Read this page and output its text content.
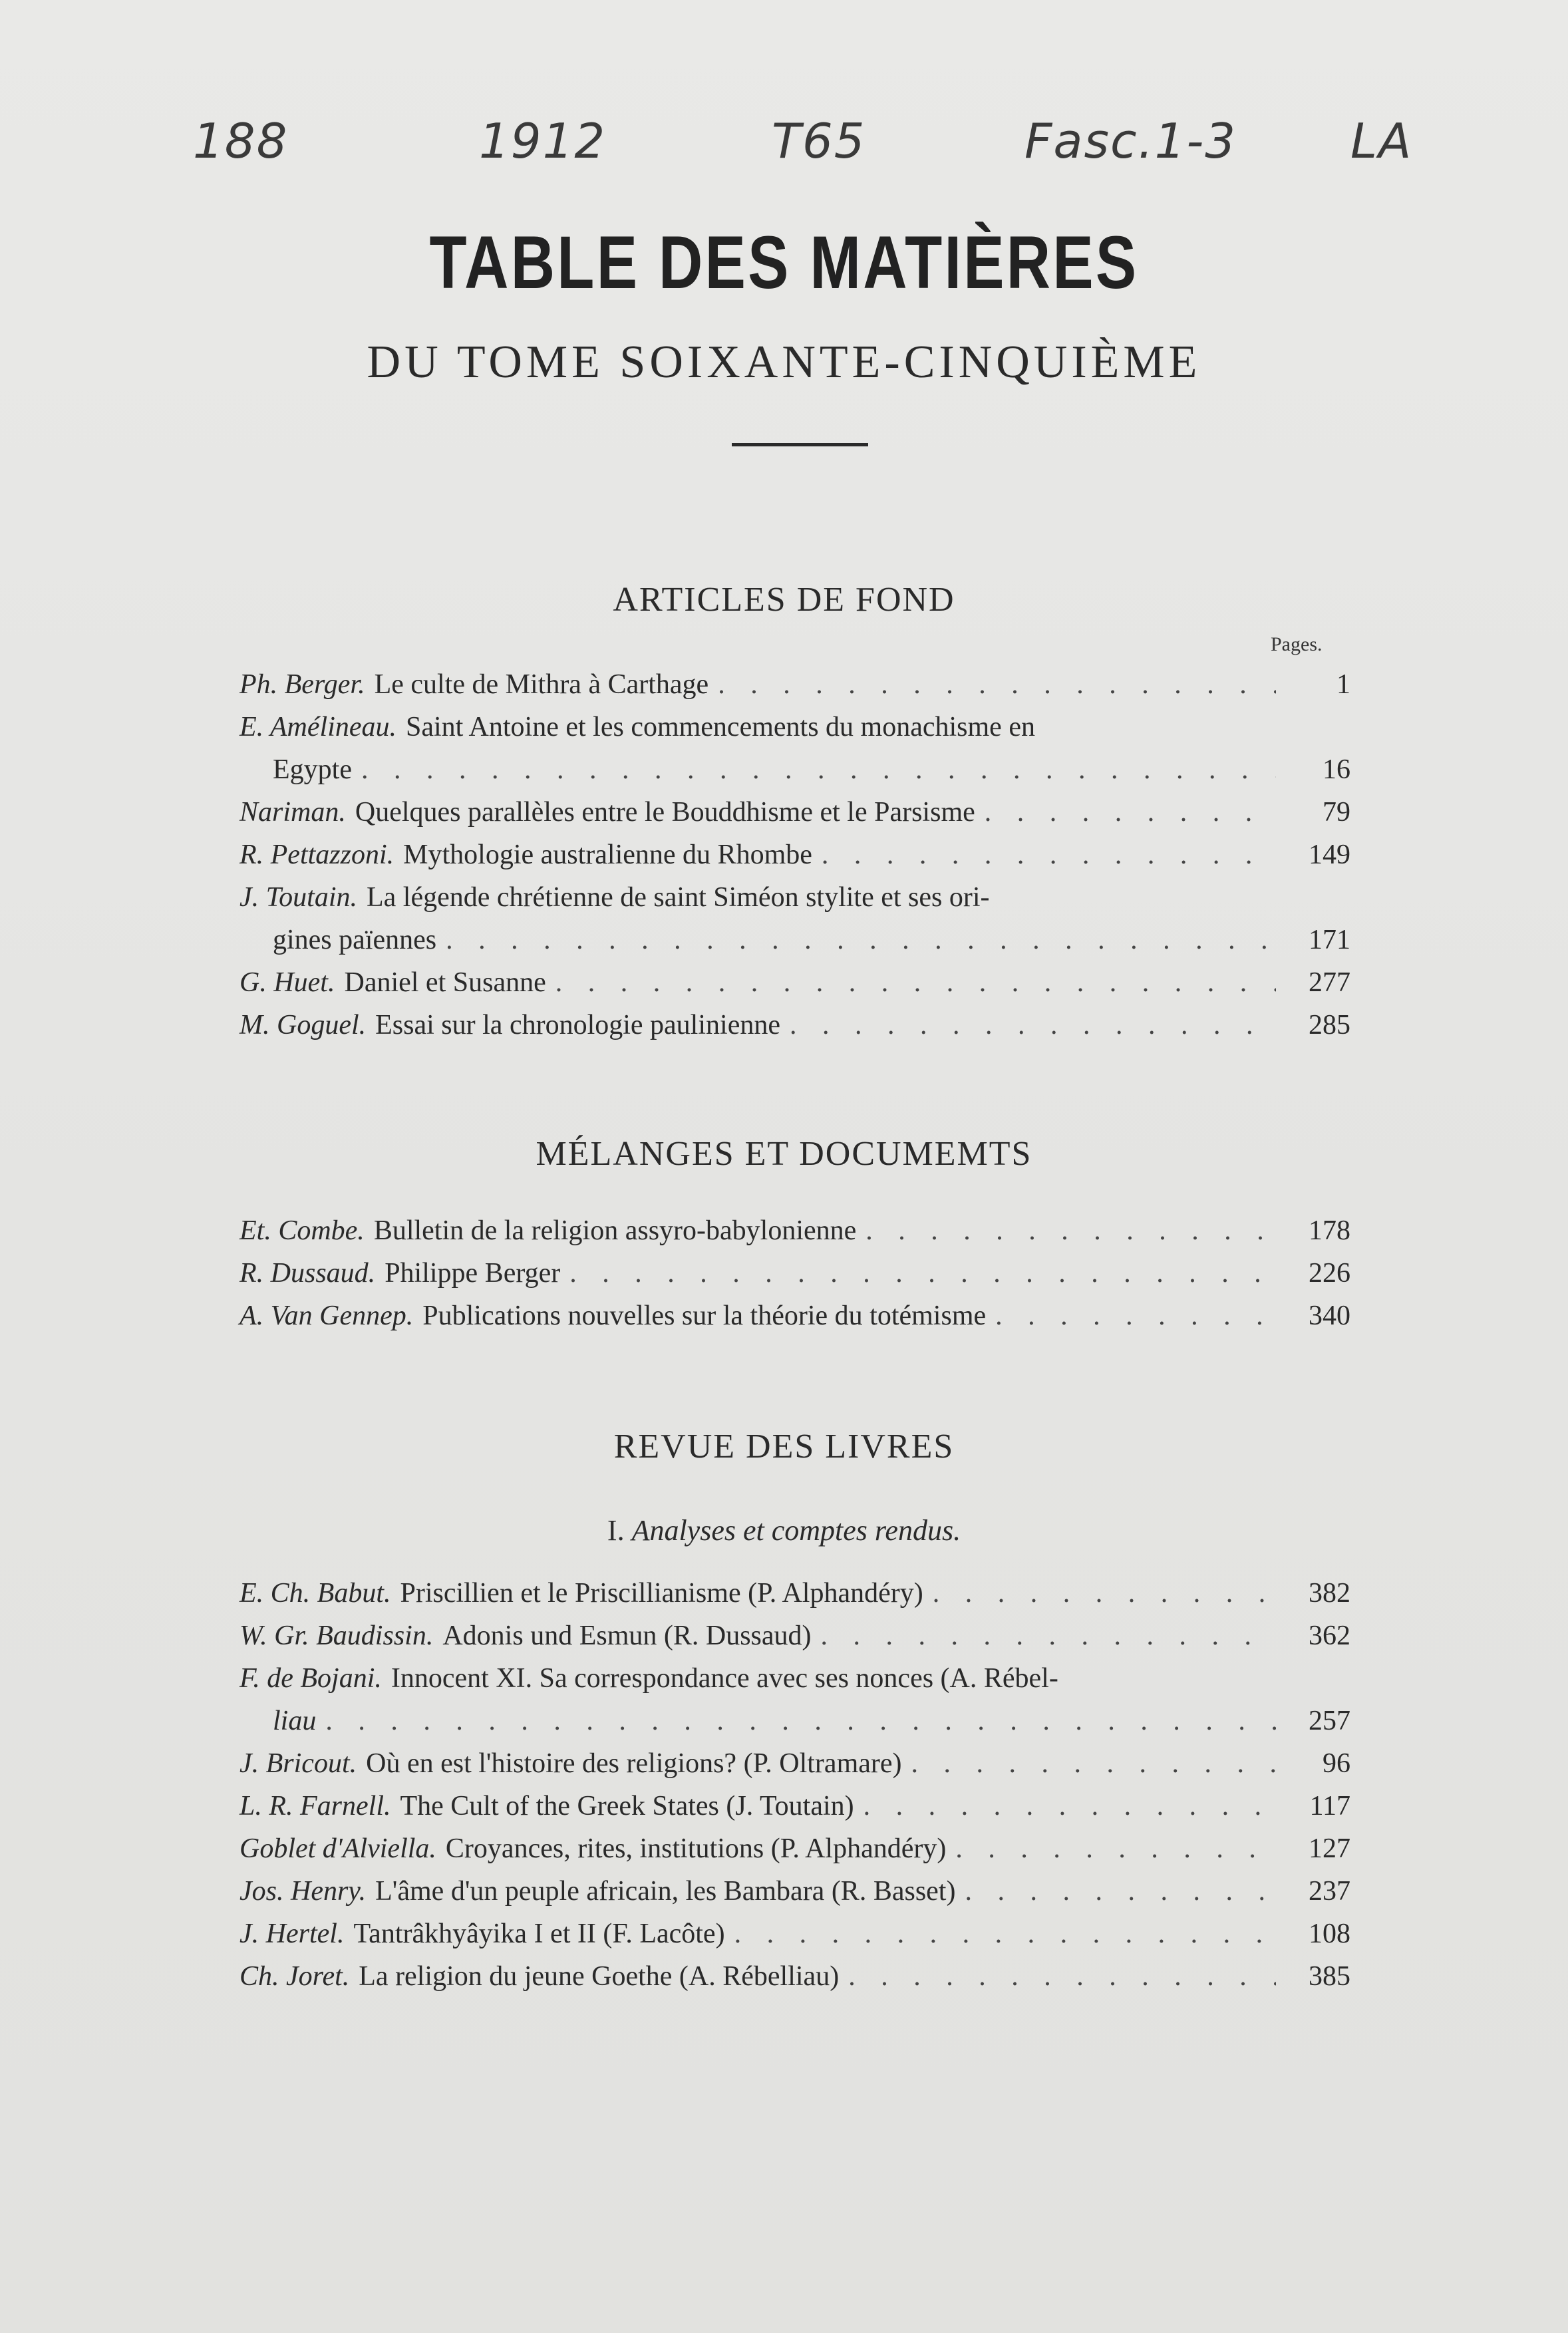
188	1912	T65	Fasc.1-3 LA
TABLE DES MATIÈRES
DU TOME SOIXANTE-CINQUIÈME
ARTICLES DE FOND
Pages.
Ph. Berger. Le culte de Mithra à Carthage . . .	1
E. Amélineau. Saint Antoine et les commencements du monachisme en
Egypte . . .	16
Nariman. Quelques parallèles entre le Bouddhisme et le Parsisme . . .	79
R. Pettazzoni. Mythologie australienne du Rhombe . . .	149
J. Toutain. La légende chrétienne de saint Siméon stylite et ses ori-
gines païennes . . .	171
G. Huet. Daniel et Susanne . . .	277
M. Goguel. Essai sur la chronologie paulinienne . . .	285
MÉLANGES ET DOCUMEMTS
Et. Combe. Bulletin de la religion assyro-babylonienne . . .	178
R. Dussaud. Philippe Berger . . .	226
A. Van Gennep. Publications nouvelles sur la théorie du totémisme . . .	340
REVUE DES LIVRES
I. Analyses et comptes rendus.
E. Ch. Babut. Priscillien et le Priscillianisme (P. Alphandéry) . . .	382
W. Gr. Baudissin. Adonis und Esmun (R. Dussaud) . . .	362
F. de Bojani. Innocent XI. Sa correspondance avec ses nonces (A. Rébel-
liau . . .	257
J. Bricout. Où en est l'histoire des religions? (P. Oltramare) . . .	96
L. R. Farnell. The Cult of the Greek States (J. Toutain) . . .	117
Goblet d'Alviella. Croyances, rites, institutions (P. Alphandéry) . . .	127
Jos. Henry. L'âme d'un peuple africain, les Bambara (R. Basset) . . .	237
J. Hertel. Tantrâkhyâyika I et II (F. Lacôte) . . .	108
Ch. Joret. La religion du jeune Goethe (A. Rébelliau) . . .	385
